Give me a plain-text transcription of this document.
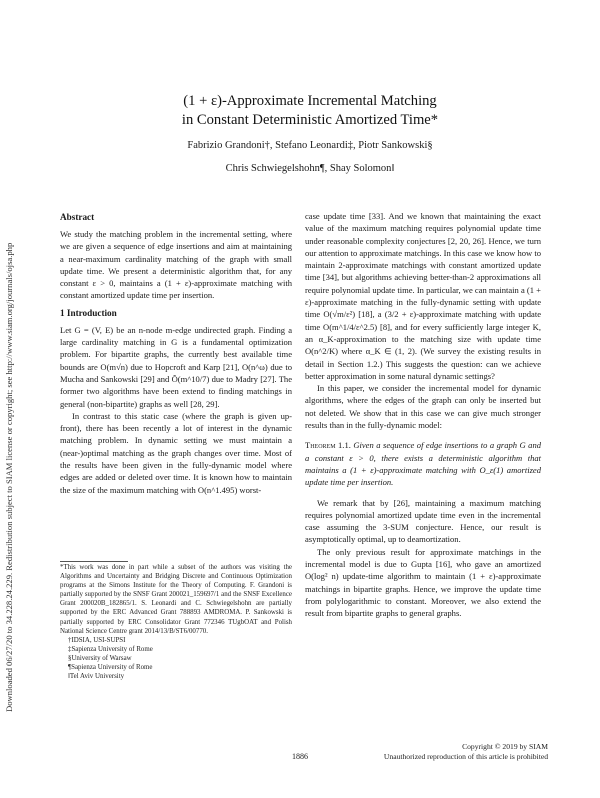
Downloaded 06/27/20 to 34.228.24.229. Redistribution subject to SIAM license or copyright; see http://www.siam.org/journals/ojsa.php
(1 + ε)-Approximate Incremental Matching
in Constant Deterministic Amortized Time*
Fabrizio Grandoni†, Stefano Leonardi‡, Piotr Sankowski§
Chris Schwiegelshohn¶, Shay Solomon‖
Abstract

We study the matching problem in the incremental setting, where we are given a sequence of edge insertions and aim at maintaining a near-maximum cardinality matching of the graph with small update time. We present a deterministic algorithm that, for any constant ε > 0, maintains a (1 + ε)-approximate matching with constant amortized update time per insertion.

1 Introduction

Let G = (V, E) be an n-node m-edge undirected graph. Finding a large cardinality matching in G is a fundamental optimization problem. For bipartite graphs, the currently best available time bounds are O(m√n) due to Hopcroft and Karp [21], O(n^ω) due to Mucha and Sankowski [29] and Õ(m^10/7) due to Madry [27]. The former two algorithms have been extend to finding matchings in general (non-bipartite) graphs as well [28, 29].

In contrast to this static case (where the graph is given up-front), there has been recently a lot of interest in the dynamic matching problem. In dynamic setting we must maintain a (near-)optimal matching as the graph changes over time. Most of the results have been given in the fully-dynamic model where edges are added or deleted over time. It is known how to maintain the size of the maximum matching with O(n^1.495) worst-

*This work was done in part while a subset of the authors was visiting the Algorithms and Uncertainty and Bridging Discrete and Continuous Optimization programs at the Simons Institute for the Theory of Computing. F. Grandoni is partially supported by the SNSF Grant 200021_159697/1 and the SNSF Excellence Grant 200020B_182865/1. S. Leonardi and C. Schwiegelshohn are partially supported by the ERC Advanced Grant 788893 AMDROMA. P. Sankowski is partially supported by ERC Consolidator Grant 772346 TUgbOAT and Polish National Science Centre grant 2014/13/B/ST6/00770.

†IDSIA, USI-SUPSI
‡Sapienza University of Rome
§University of Warsaw
¶Sapienza University of Rome
‖Tel Aviv University

case update time [33]. And we known that maintaining the exact value of the maximum matching requires polynomial update time under reasonable complexity conjectures [2, 20, 26]. Hence, we turn our attention to approximate matchings. In this case we know how to maintain 2-approximate matchings with constant amortized update time [34], but algorithms achieving better-than-2 approximations all require polynomial update time. In particular, we can maintain a (1 + ε)-approximate matching in the fully-dynamic setting with update time O(√m/ε²) [18], a (3/2 + ε)-approximate matching with update time O(m^1/4/ε^2.5) [8], and for every sufficiently large integer K, an α_K-approximation to the matching size with update time O(n^2/K) where α_K ∈ (1, 2). (We survey the existing results in detail in Section 1.2.) This suggests the question: can we achieve better approximation in some natural dynamic settings?

In this paper, we consider the incremental model for dynamic algorithms, where the edges of the graph can only be inserted but not deleted. We show that in this case we can give much stronger results than in the fully-dynamic model:

Theorem 1.1. Given a sequence of edge insertions to a graph G and a constant ε > 0, there exists a deterministic algorithm that maintains a (1 + ε)-approximate matching with O_ε(1) amortized update time per insertion.

We remark that by [26], maintaining a maximum matching requires polynomial amortized update time even in the incremental case assuming the 3-SUM conjecture. Hence, our result is asymptotically optimal, up to deamortization.

The only previous result for approximate matchings in the incremental model is due to Gupta [16], who gave an amortized O(log² n) update-time algorithm to maintain (1 + ε)-approximate matchings in bipartite graphs. Hence, we improve the update time from polylogarithmic to constant. Moreover, we also extend the result from bipartite graphs to general graphs.

1886
Copyright © 2019 by SIAM
Unauthorized reproduction of this article is prohibited
